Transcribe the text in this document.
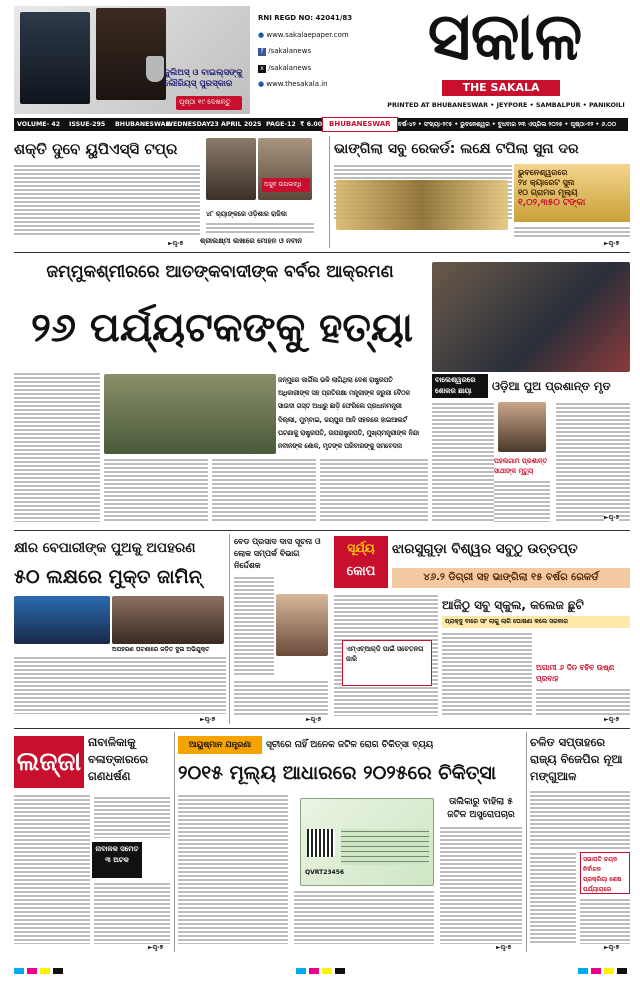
ଜୁଲିଅସ୍ ଓ ବାଇଲ୍ସଙ୍କୁ ଲୌରିୟସ୍ ପୁରସ୍କାର
ପୃଷ୍ଠା ୧୯ ଦେଖନ୍ତୁ
RNI REGD NO: 42041/83
● www.sakalaepaper.com
f /sakalanews
x /sakalanews
● www.thesakala.in
ସକାଳ
THE SAKALA
PRINTED AT BHUBANESWAR • JEYPORE • SAMBALPUR • PANIKOILI
VOLUME- 42 ISSUE-295 BHUBANESWAR
WEDNESDAY 23 APRIL 2025 PAGE-12 ₹ 6.00 BHUBANESWAR • ବର୍ଷ-୪୨ • ସଂଖ୍ୟା-୨୯୫ • ଭୁବନେଶ୍ୱର • ବୁଧବାର ୨୩ ଏପ୍ରିଲ ୨୦୨୫ • ପୃଷ୍ଠା-୧୨ • ୬.୦୦
ଶକ୍ତି ଦୁବେ ୟୁପିଏସ୍‌ସି ଟପ୍‌ର
►ପୃ-୭
ଅସୁବ ଉପଲବ୍ଧି
୪୮ ର‍୍ୟାଙ୍କରେ ଓଡ଼ିଶାର ରାଜିକା
ଶ୍ରୀଲକ୍ଷ୍ମୀ ଲଖାରେ ମୋହନ ଓ ନବୀନ
ଭାଙ୍ଗିଲା ସବୁ ରେକର୍ଡ: ଲକ୍ଷେ ଟପିଲା ସୁନା ଦର
ଭୁବନେଶ୍ୱରରେ
୨୪ କ୍ୟାରେଟ ସୁନା
୧୦ ଗ୍ରାମର ମୂଲ୍ୟ
୧,୦୨,୩୫୦ ଟଙ୍କା
►ପୃ-୭
ଜମ୍ମୁକଶ୍ମୀରରେ ଆତଙ୍କବାଦୀଙ୍କ ବର୍ବର ଆକ୍ରମଣ
୨୬ ପର୍ଯ୍ୟଟକଙ୍କୁ ହତ୍ୟା
ବାଲେଶ୍ୱରରେ
ଶୋକର ଛାୟା	ଓଡ଼ିଆ ପୁଅ ପ୍ରଶାନ୍ତ ମୃତ
ଜନ୍ମୁରେ କାର୍ଗିଲ ଭଳି ଲାଗିଥିଲା ଦେଶ ରାଷ୍ଟ୍ରପତି
ଅଧିକାରୀଙ୍କ ସହ ପ୍ରତିରକ୍ଷା ମନ୍ତ୍ରୀଙ୍କ ଜରୁରୀ ବୈଠକ
ସାଉଦୀ ଗସ୍ତ ଅଧାରୁ ଛାଡ଼ି ଫେରିଲେ ପ୍ରଧାନମନ୍ତ୍ରୀ
ଦିଲ୍ଲୀ, ମୁମ୍ବାଇ, ଜୟପୁର ଆଦି ସହରରେ ହାଇଆଲର୍ଟ
ଘଟଣାକୁ ରାଷ୍ଟ୍ରପତି, ଉପରାଷ୍ଟ୍ରପତି, ମୁଖ୍ୟମନ୍ତ୍ରୀଙ୍କ ନିନ୍ଦା
ନବୀନଙ୍କ ଶୋକ, ମୃତଙ୍କ ପରିବାରଙ୍କୁ ସମବେଦନା
ପହଲଗାମ ପ୍ରଶାନ୍ତ ସାଥୀଙ୍କ ମୃତ୍ୟୁ
►ପୃ-୭
କ୍ଷୀର ବେପାରୀଙ୍କ ପୁଅକୁ ଅପହରଣ
୫୦ ଲକ୍ଷରେ ମୁକ୍ତ ଜାମିନ୍
ଅପହରଣ ଘଟଣାରେ ଜଡ଼ିତ ଦୁଇ ଅଭିଯୁକ୍ତ
►ପୃ-୭
ବେଡ ପ୍ରସାଦ ଦାସ ସୂଚନା ଓ ଲୋକ ସମ୍ପର୍କ ବିଭାଗ ନିର୍ଦ୍ଦେଶକ
►ପୃ-୭
ସୂର୍ଯ୍ୟ
କୋପ
ଝାରସୁଗୁଡ଼ା ବିଶ୍ୱର ସବୁଠୁ ଉତ୍ତପ୍ତ
୪୬.୨ ଡିଗ୍ରୀ ସହ ଭାଙ୍ଗିଲା ୧୫ ବର୍ଷର ରେକର୍ଡ
ଏମ୍‌ଏଚ୍‌ଆର୍‌ଡି ପାଇଁ ସଚେତନତା ଜାରି
ଆଜିଠୁ ସବୁ ସ୍କୁଲ, କଲେଜ ଛୁଟି
ପ୍ରାକ୍‌ଦୁ ବାରେ ସାଂ ଲାଗୁ ଲାଗି ଘୋଷଣା କଲେ ସରକାର
ଅଗାମୀ ୬ ଦିନ ବହିବ ଉଷ୍ଣ ପ୍ରବାହ
►ପୃ-୭
ଲଜ୍ଜା
ନାବାଳିକାକୁ ବଳାତ୍କାରରେ ଗଣଧର୍ଷଣ
ନାବାଳକ ସମେତ ୩ ଅଟକ
►ପୃ-୭
ଆୟୁଷ୍ମାନ ଯନ୍ତ୍ରଣା	ସୂଚୀରେ ନାହିଁ ଅନେକ ଜଟିଳ ରୋଗ ଚିକିତ୍ସା ବ୍ୟୟ
୨୦୧୫ ମୂଲ୍ୟ ଆଧାରରେ ୨୦୨୫ରେ ଚିକିତ୍ସା
QVRT23456
ତାଲିକାରୁ ବାହିଲା ୫ ଜଟିଳ ଅସ୍ତ୍ରୋପଚାର
►ପୃ-୭
ଚଳିତ ସପ୍ତାହରେ ରାଜ୍ୟ ବିଜେପିର ନୂଆ ମଙ୍ଗୁଆଳ
ସଭାପତି ଚୟନ ନିର୍ବାଚନ ପ୍ରକ୍ରିୟା ଶେଷ ପର୍ଯ୍ୟାୟରେ
►ପୃ-୭
